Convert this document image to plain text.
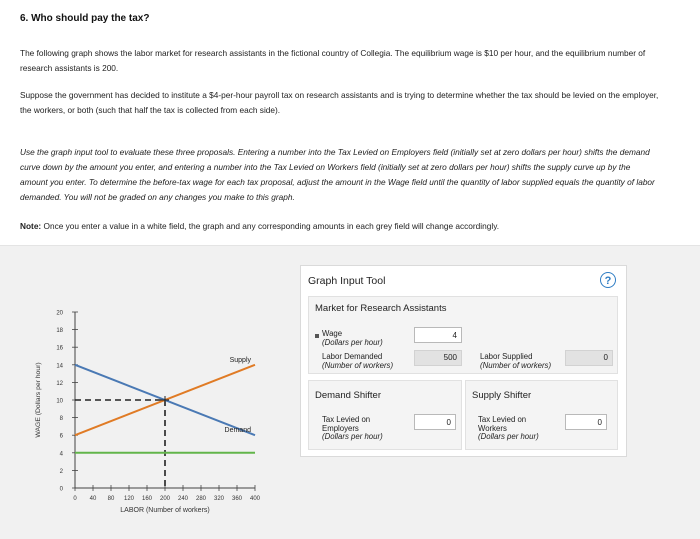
6. Who should pay the tax?
The following graph shows the labor market for research assistants in the fictional country of Collegia. The equilibrium wage is $10 per hour, and the equilibrium number of research assistants is 200.
Suppose the government has decided to institute a $4-per-hour payroll tax on research assistants and is trying to determine whether the tax should be levied on the employer, the workers, or both (such that half the tax is collected from each side).
Use the graph input tool to evaluate these three proposals. Entering a number into the Tax Levied on Employers field (initially set at zero dollars per hour) shifts the demand curve down by the amount you enter, and entering a number into the Tax Levied on Workers field (initially set at zero dollars per hour) shifts the supply curve up by the amount you enter. To determine the before-tax wage for each tax proposal, adjust the amount in the Wage field until the quantity of labor supplied equals the quantity of labor demanded. You will not be graded on any changes you make to this graph.
Note: Once you enter a value in a white field, the graph and any corresponding amounts in each grey field will change accordingly.
0
2
4
6
8
10
12
14
16
18
20
0 40 80 120 160 200 240 280 320 360 400
WAGE (Dollars per hour)
LABOR (Number of workers)
Supply
Demand
Graph Input Tool	?
Market for Research Assistants
Wage
(Dollars per hour)
4
Labor Demanded
(Number of workers)
500	Labor Supplied
(Number of workers)
0
Demand Shifter
Tax Levied on
Employers
(Dollars per hour)
0
Supply Shifter
Tax Levied on
Workers
(Dollars per hour)
0
